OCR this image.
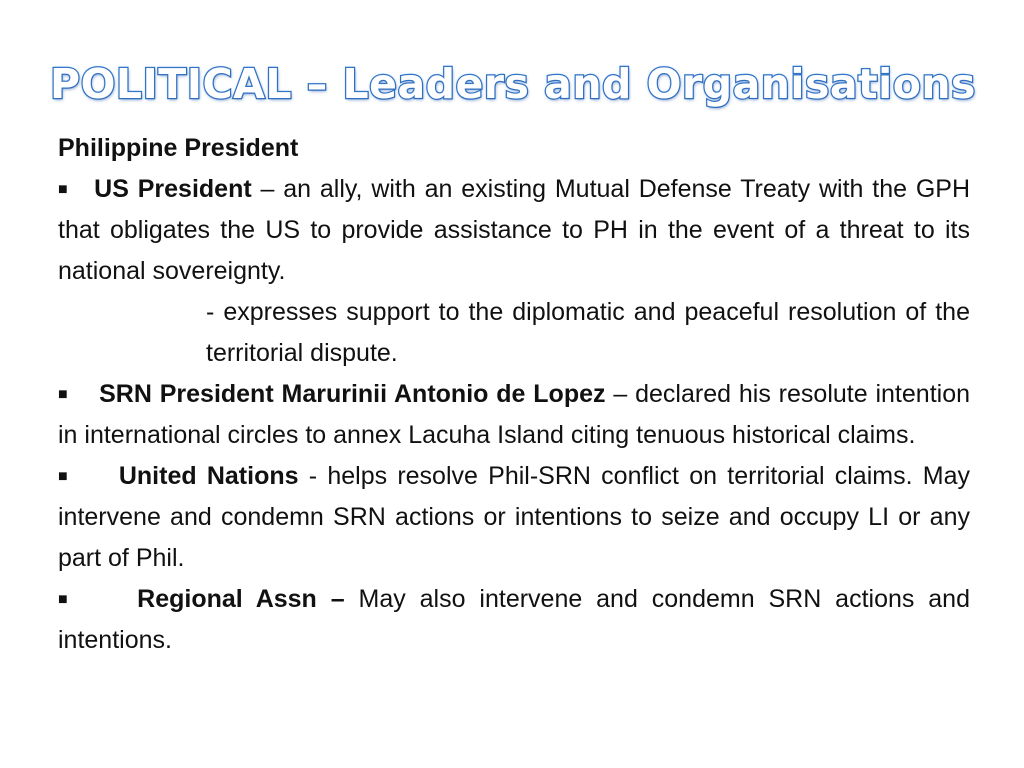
POLITICAL – Leaders and Organisations

Philippine President

■ US President – an ally, with an existing Mutual Defense Treaty with the GPH that obligates the US to provide assistance to PH in the event of a threat to its national sovereignty.

- expresses support to the diplomatic and peaceful resolution of the territorial dispute.

■ SRN President Marurinii Antonio de Lopez – declared his resolute intention in international circles to annex Lacuha Island citing tenuous historical claims.

■ United Nations - helps resolve Phil-SRN conflict on territorial claims. May intervene and condemn SRN actions or intentions to seize and occupy LI or any part of Phil.

■	Regional Assn – May also intervene and condemn SRN actions and intentions.
